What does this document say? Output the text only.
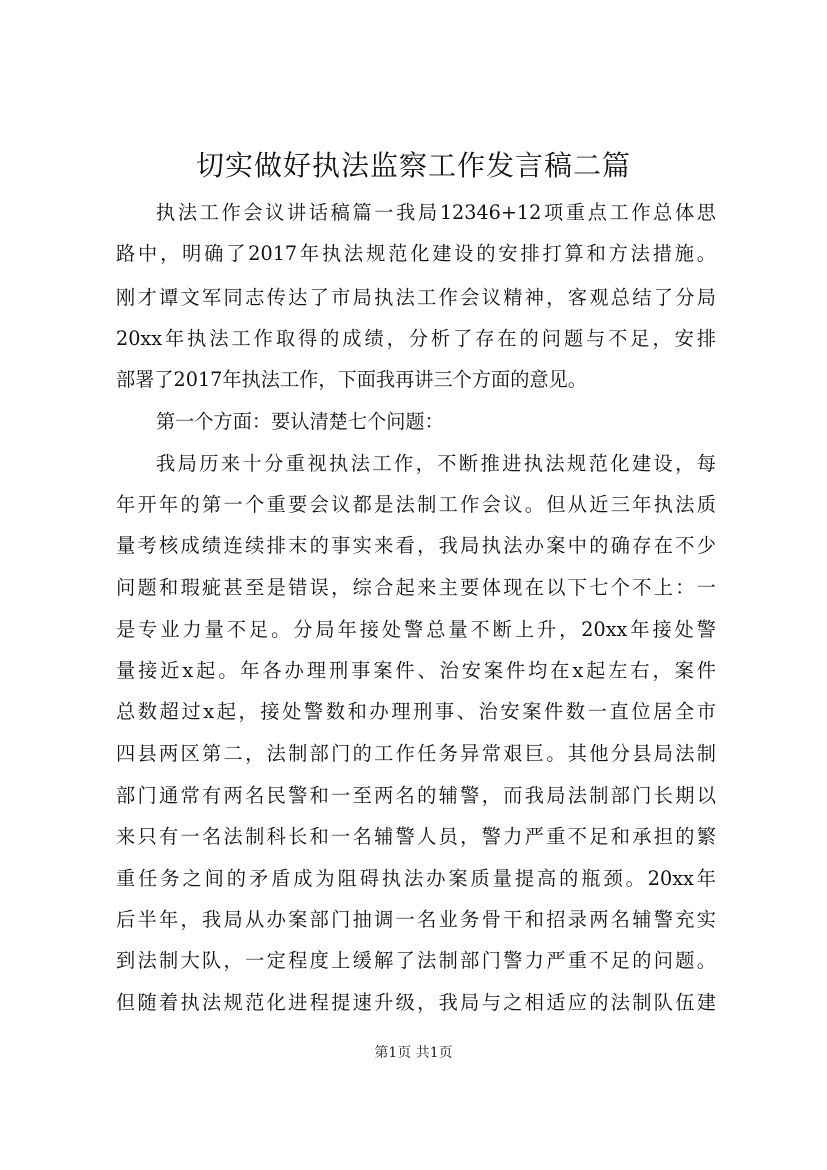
切实做好执法监察工作发言稿二篇

执法工作会议讲话稿篇一我局12346+12项重点工作总体思

路中，明确了2017年执法规范化建设的安排打算和方法措施。

刚才谭文军同志传达了市局执法工作会议精神，客观总结了分局

20xx年执法工作取得的成绩，分析了存在的问题与不足，安排

部署了2017年执法工作，下面我再讲三个方面的意见。

第一个方面：要认清楚七个问题：

我局历来十分重视执法工作，不断推进执法规范化建设，每

年开年的第一个重要会议都是法制工作会议。但从近三年执法质

量考核成绩连续排末的事实来看，我局执法办案中的确存在不少

问题和瑕疵甚至是错误，综合起来主要体现在以下七个不上：一

是专业力量不足。分局年接处警总量不断上升，20xx年接处警

量接近x起。年各办理刑事案件、治安案件均在x起左右，案件

总数超过x起，接处警数和办理刑事、治安案件数一直位居全市

四县两区第二，法制部门的工作任务异常艰巨。其他分县局法制

部门通常有两名民警和一至两名的辅警，而我局法制部门长期以

来只有一名法制科长和一名辅警人员，警力严重不足和承担的繁

重任务之间的矛盾成为阻碍执法办案质量提高的瓶颈。20xx年

后半年，我局从办案部门抽调一名业务骨干和招录两名辅警充实

到法制大队，一定程度上缓解了法制部门警力严重不足的问题。

但随着执法规范化进程提速升级，我局与之相适应的法制队伍建

第1页 共1页
